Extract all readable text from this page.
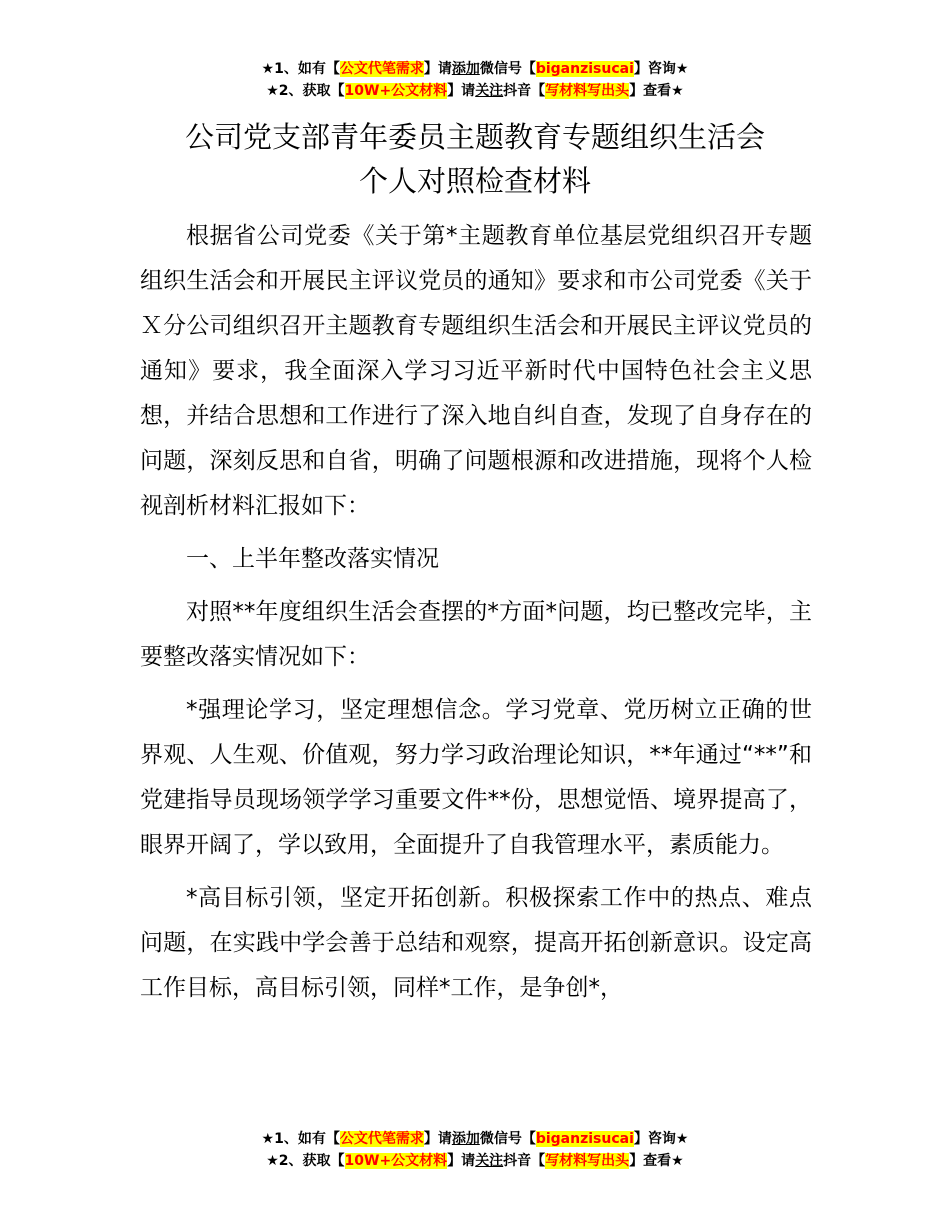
★1、如有【公文代笔需求】请添加微信号【biganzisucai】咨询★
★2、获取【10W+公文材料】请关注抖音【写材料写出头】查看★
公司党支部青年委员主题教育专题组织生活会
个人对照检查材料

根据省公司党委《关于第*主题教育单位基层党组织召开专题组织生活会和开展民主评议党员的通知》要求和市公司党委《关于Ｘ分公司组织召开主题教育专题组织生活会和开展民主评议党员的通知》要求，我全面深入学习习近平新时代中国特色社会主义思想，并结合思想和工作进行了深入地自纠自查，发现了自身存在的问题，深刻反思和自省，明确了问题根源和改进措施，现将个人检视剖析材料汇报如下：

一、上半年整改落实情况

对照**年度组织生活会查摆的*方面*问题，均已整改完毕，主要整改落实情况如下：

*强理论学习，坚定理想信念。学习党章、党历树立正确的世界观、人生观、价值观，努力学习政治理论知识，**年通过“**”和党建指导员现场领学学习重要文件**份，思想觉悟、境界提高了，眼界开阔了，学以致用，全面提升了自我管理水平，素质能力。

*高目标引领，坚定开拓创新。积极探索工作中的热点、难点问题，在实践中学会善于总结和观察，提高开拓创新意识。设定高工作目标，高目标引领，同样*工作，是争创*，

★1、如有【公文代笔需求】请添加微信号【biganzisucai】咨询★
★2、获取【10W+公文材料】请关注抖音【写材料写出头】查看★
